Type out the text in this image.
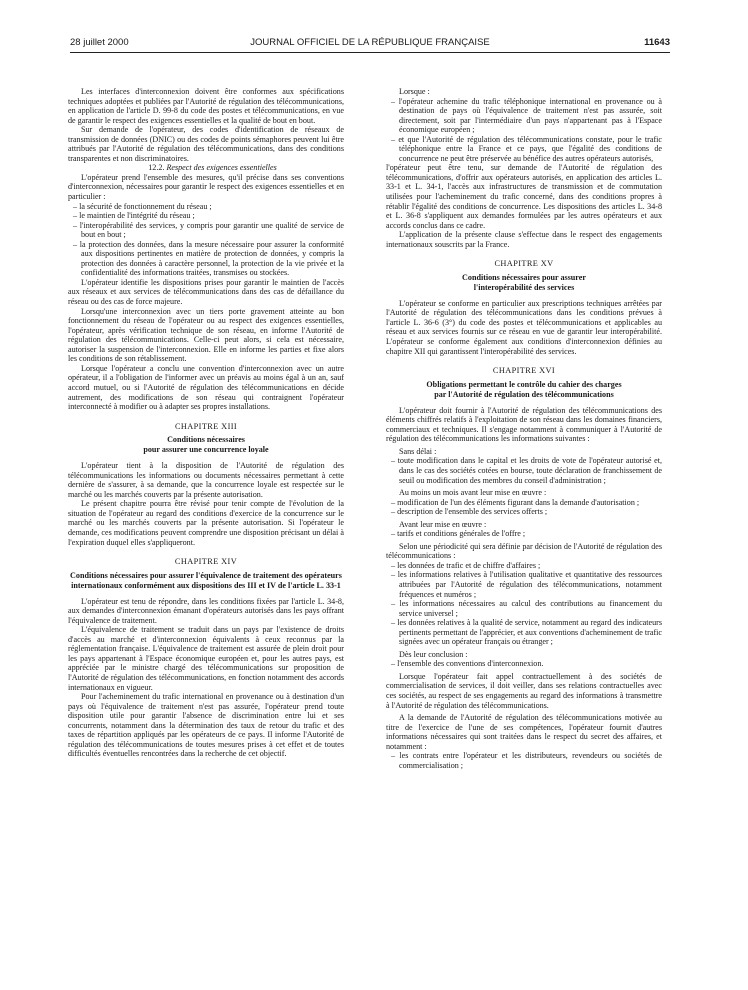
28 juillet 2000	JOURNAL OFFICIEL DE LA RÉPUBLIQUE FRANÇAISE	11643

Les interfaces d'interconnexion doivent être conformes aux spécifications techniques adoptées et publiées par l'Autorité de régulation des télécommunications, en application de l'article D. 99-8 du code des postes et télécommunications, en vue de garantir le respect des exigences essentielles et la qualité de bout en bout.

Sur demande de l'opérateur, des codes d'identification de réseaux de transmission de données (DNIC) ou des codes de points sémaphores peuvent lui être attribués par l'Autorité de régulation des télécommunications, dans des conditions transparentes et non discriminatoires.

12.2. Respect des exigences essentielles

L'opérateur prend l'ensemble des mesures, qu'il précise dans ses conventions d'interconnexion, nécessaires pour garantir le respect des exigences essentielles et en particulier :

– la sécurité de fonctionnement du réseau ;
– le maintien de l'intégrité du réseau ;
– l'interopérabilité des services, y compris pour garantir une qualité de service de bout en bout ;
– la protection des données, dans la mesure nécessaire pour assurer la conformité aux dispositions pertinentes en matière de protection de données, y compris la protection des données à caractère personnel, la protection de la vie privée et la confidentialité des informations traitées, transmises ou stockées.

L'opérateur identifie les dispositions prises pour garantir le maintien de l'accès aux réseaux et aux services de télécommunications dans des cas de défaillance du réseau ou des cas de force majeure.

Lorsqu'une interconnexion avec un tiers porte gravement atteinte au bon fonctionnement du réseau de l'opérateur ou au respect des exigences essentielles, l'opérateur, après vérification technique de son réseau, en informe l'Autorité de régulation des télécommunications. Celle-ci peut alors, si cela est nécessaire, autoriser la suspension de l'interconnexion. Elle en informe les parties et fixe alors les conditions de son rétablissement.

Lorsque l'opérateur a conclu une convention d'interconnexion avec un autre opérateur, il a l'obligation de l'informer avec un préavis au moins égal à un an, sauf accord mutuel, ou si l'Autorité de régulation des télécommunications en décide autrement, des modifications de son réseau qui contraignent l'opérateur interconnecté à modifier ou à adapter ses propres installations.

CHAPITRE XIII
Conditions nécessaires
pour assurer une concurrence loyale

L'opérateur tient à la disposition de l'Autorité de régulation des télécommunications les informations ou documents nécessaires permettant à cette dernière de s'assurer, à sa demande, que la concurrence loyale est respectée sur le marché ou les marchés couverts par la présente autorisation.

Le présent chapitre pourra être révisé pour tenir compte de l'évolution de la situation de l'opérateur au regard des conditions d'exercice de la concurrence sur le marché ou les marchés couverts par la présente autorisation. Si l'opérateur le demande, ces modifications peuvent comprendre une disposition précisant un délai à l'expiration duquel elles s'appliqueront.

CHAPITRE XIV
Conditions nécessaires pour assurer l'équivalence de traitement des opérateurs internationaux conformément aux dispositions des III et IV de l'article L. 33-1

L'opérateur est tenu de répondre, dans les conditions fixées par l'article L. 34-8, aux demandes d'interconnexion émanant d'opérateurs autorisés dans les pays offrant l'équivalence de traitement.

L'équivalence de traitement se traduit dans un pays par l'existence de droits d'accès au marché et d'interconnexion équivalents à ceux reconnus par la réglementation française. L'équivalence de traitement est assurée de plein droit pour les pays appartenant à l'Espace économique européen et, pour les autres pays, est appréciée par le ministre chargé des télécommunications sur proposition de l'Autorité de régulation des télécommunications, en fonction notamment des accords internationaux en vigueur.

Pour l'acheminement du trafic international en provenance ou à destination d'un pays où l'équivalence de traitement n'est pas assurée, l'opérateur prend toute disposition utile pour garantir l'absence de discrimination entre lui et ses concurrents, notamment dans la détermination des taux de retour du trafic et des taxes de répartition appliqués par les opérateurs de ce pays. Il informe l'Autorité de régulation des télécommunications de toutes mesures prises à cet effet et de toutes difficultés éventuelles rencontrées dans la recherche de cet objectif.

Lorsque :

– l'opérateur achemine du trafic téléphonique international en provenance ou à destination de pays où l'équivalence de traitement n'est pas assurée, soit directement, soit par l'intermédiaire d'un pays n'appartenant pas à l'Espace économique européen ;
– et que l'Autorité de régulation des télécommunications constate, pour le trafic téléphonique entre la France et ce pays, que l'égalité des conditions de concurrence ne peut être préservée au bénéfice des autres opérateurs autorisés,

l'opérateur peut être tenu, sur demande de l'Autorité de régulation des télécommunications, d'offrir aux opérateurs autorisés, en application des articles L. 33-1 et L. 34-1, l'accès aux infrastructures de transmission et de commutation utilisées pour l'acheminement du trafic concerné, dans des conditions propres à rétablir l'égalité des conditions de concurrence. Les dispositions des articles L. 34-8 et L. 36-8 s'appliquent aux demandes formulées par les autres opérateurs et aux accords conclus dans ce cadre.

L'application de la présente clause s'effectue dans le respect des engagements internationaux souscrits par la France.

CHAPITRE XV
Conditions nécessaires pour assurer
l'interopérabilité des services

L'opérateur se conforme en particulier aux prescriptions techniques arrêtées par l'Autorité de régulation des télécommunications dans les conditions prévues à l'article L. 36-6 (3°) du code des postes et télécommunications et applicables au réseau et aux services fournis sur ce réseau en vue de garantir leur interopérabilité. L'opérateur se conforme également aux conditions d'interconnexion définies au chapitre XII qui garantissent l'interopérabilité des services.

CHAPITRE XVI
Obligations permettant le contrôle du cahier des charges
par l'Autorité de régulation des télécommunications

L'opérateur doit fournir à l'Autorité de régulation des télécommunications des éléments chiffrés relatifs à l'exploitation de son réseau dans les domaines financiers, commerciaux et techniques. Il s'engage notamment à communiquer à l'Autorité de régulation des télécommunications les informations suivantes :

Sans délai :

– toute modification dans le capital et les droits de vote de l'opérateur autorisé et, dans le cas des sociétés cotées en bourse, toute déclaration de franchissement de seuil ou modification des membres du conseil d'administration ;

Au moins un mois avant leur mise en œuvre :

– modification de l'un des éléments figurant dans la demande d'autorisation ;
– description de l'ensemble des services offerts ;

Avant leur mise en œuvre :

– tarifs et conditions générales de l'offre ;

Selon une périodicité qui sera définie par décision de l'Autorité de régulation des télécommunications :

– les données de trafic et de chiffre d'affaires ;
– les informations relatives à l'utilisation qualitative et quantitative des ressources attribuées par l'Autorité de régulation des télécommunications, notamment fréquences et numéros ;
– les informations nécessaires au calcul des contributions au financement du service universel ;
– les données relatives à la qualité de service, notamment au regard des indicateurs pertinents permettant de l'apprécier, et aux conventions d'acheminement de trafic signées avec un opérateur français ou étranger ;

Dès leur conclusion :

– l'ensemble des conventions d'interconnexion.

Lorsque l'opérateur fait appel contractuellement à des sociétés de commercialisation de services, il doit veiller, dans ses relations contractuelles avec ces sociétés, au respect de ses engagements au regard des informations à transmettre à l'Autorité de régulation des télécommunications.

A la demande de l'Autorité de régulation des télécommunications motivée au titre de l'exercice de l'une de ses compétences, l'opérateur fournit d'autres informations nécessaires qui sont traitées dans le respect du secret des affaires, et notamment :

– les contrats entre l'opérateur et les distributeurs, revendeurs ou sociétés de commercialisation ;
